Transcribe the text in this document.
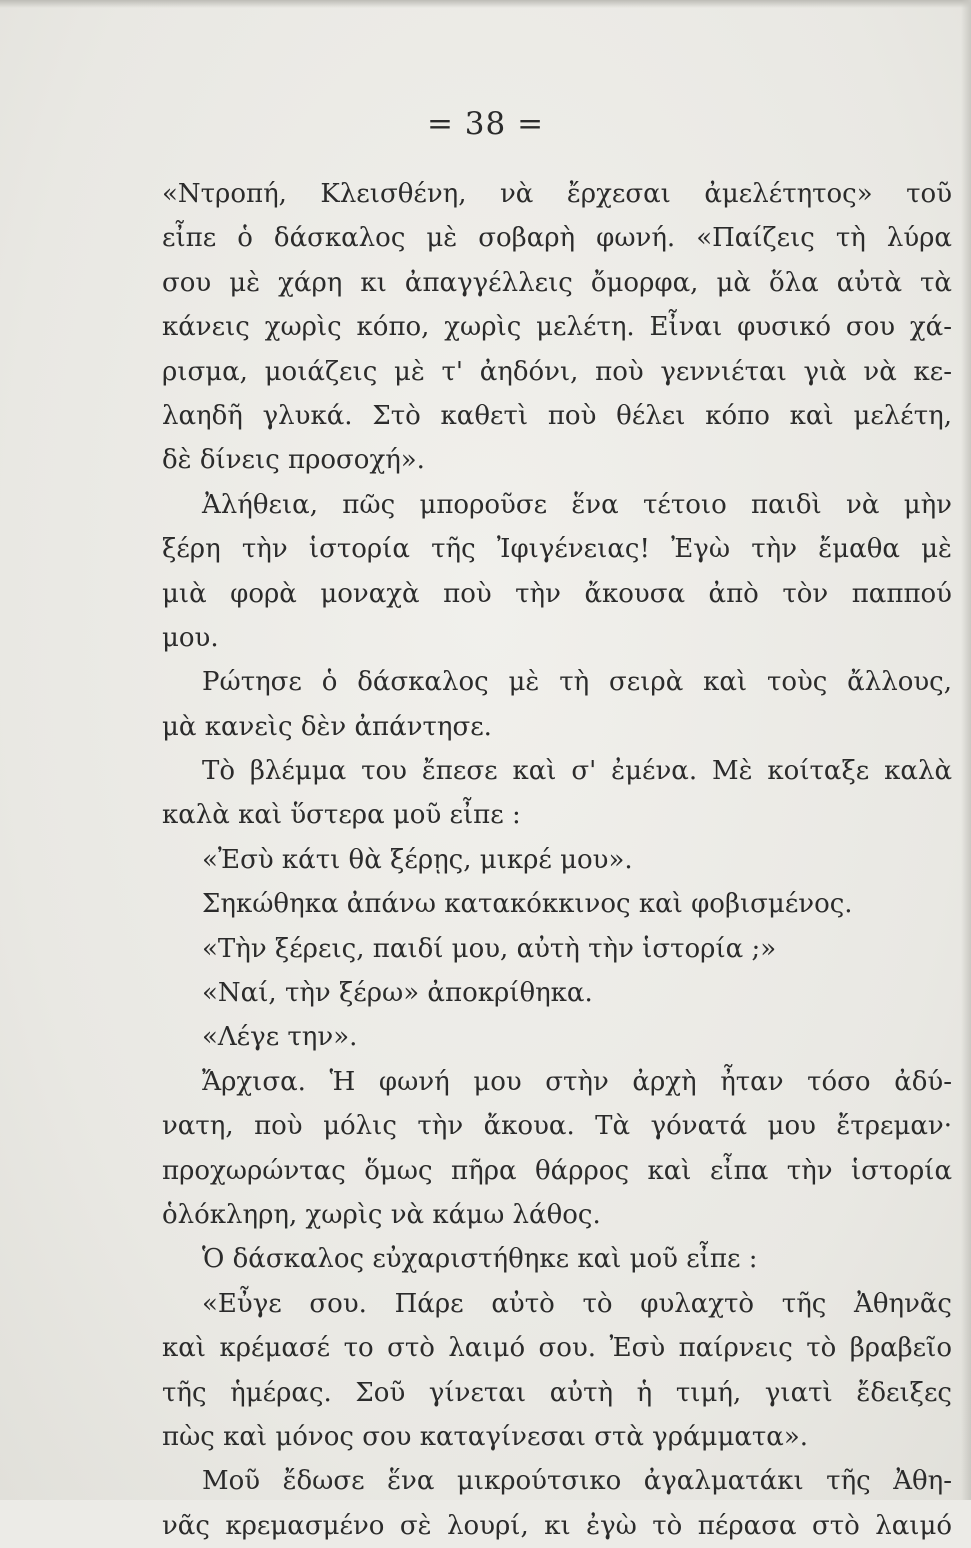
= 38 =
«Ντροπή, Κλεισθένη, νὰ ἔρχεσαι ἀμελέτητος» τοῦ
εἶπε ὁ δάσκαλος μὲ σοβαρὴ φωνή. «Παίζεις τὴ λύρα
σου μὲ χάρη κι ἀπαγγέλλεις ὄμορφα, μὰ ὅλα αὐτὰ τὰ
κάνεις χωρὶς κόπο, χωρὶς μελέτη. Εἶναι φυσικό σου χά-
ρισμα, μοιάζεις μὲ τ' ἀηδόνι, ποὺ γεννιέται γιὰ νὰ κε-
λαηδῆ γλυκά. Στὸ καθετὶ ποὺ θέλει κόπο καὶ μελέτη,
δὲ δίνεις προσοχή».
Ἀλήθεια, πῶς μποροῦσε ἕνα τέτοιο παιδὶ νὰ μὴν
ξέρη τὴν ἱστορία τῆς Ἰφιγένειας! Ἐγὼ τὴν ἔμαθα μὲ
μιὰ φορὰ μοναχὰ ποὺ τὴν ἄκουσα ἀπὸ τὸν παππού
μου.
Ρώτησε ὁ δάσκαλος μὲ τὴ σειρὰ καὶ τοὺς ἄλλους,
μὰ κανεὶς δὲν ἀπάντησε.
Τὸ βλέμμα του ἔπεσε καὶ σ' ἐμένα. Μὲ κοίταξε καλὰ
καλὰ καὶ ὕστερα μοῦ εἶπε :
«Ἐσὺ κάτι θὰ ξέρῃς, μικρέ μου».
Σηκώθηκα ἀπάνω κατακόκκινος καὶ φοβισμένος.
«Τὴν ξέρεις, παιδί μου, αὐτὴ τὴν ἱστορία ;»
«Ναί, τὴν ξέρω» ἀποκρίθηκα.
«Λέγε την».
Ἄρχισα. Ἡ φωνή μου στὴν ἀρχὴ ἦταν τόσο ἀδύ-
νατη, ποὺ μόλις τὴν ἄκουα. Τὰ γόνατά μου ἔτρεμαν·
προχωρώντας ὅμως πῆρα θάρρος καὶ εἶπα τὴν ἱστορία
ὁλόκληρη, χωρὶς νὰ κάμω λάθος.
Ὁ δάσκαλος εὐχαριστήθηκε καὶ μοῦ εἶπε :
«Εὖγε σου. Πάρε αὐτὸ τὸ φυλαχτὸ τῆς Ἀθηνᾶς
καὶ κρέμασέ το στὸ λαιμό σου. Ἐσὺ παίρνεις τὸ βραβεῖο
τῆς ἡμέρας. Σοῦ γίνεται αὐτὴ ἡ τιμή, γιατὶ ἔδειξες
πὼς καὶ μόνος σου καταγίνεσαι στὰ γράμματα».
Μοῦ ἔδωσε ἕνα μικρούτσικο ἀγαλματάκι τῆς Ἀθη-
νᾶς κρεμασμένο σὲ λουρί, κι ἐγὼ τὸ πέρασα στὸ λαιμό
